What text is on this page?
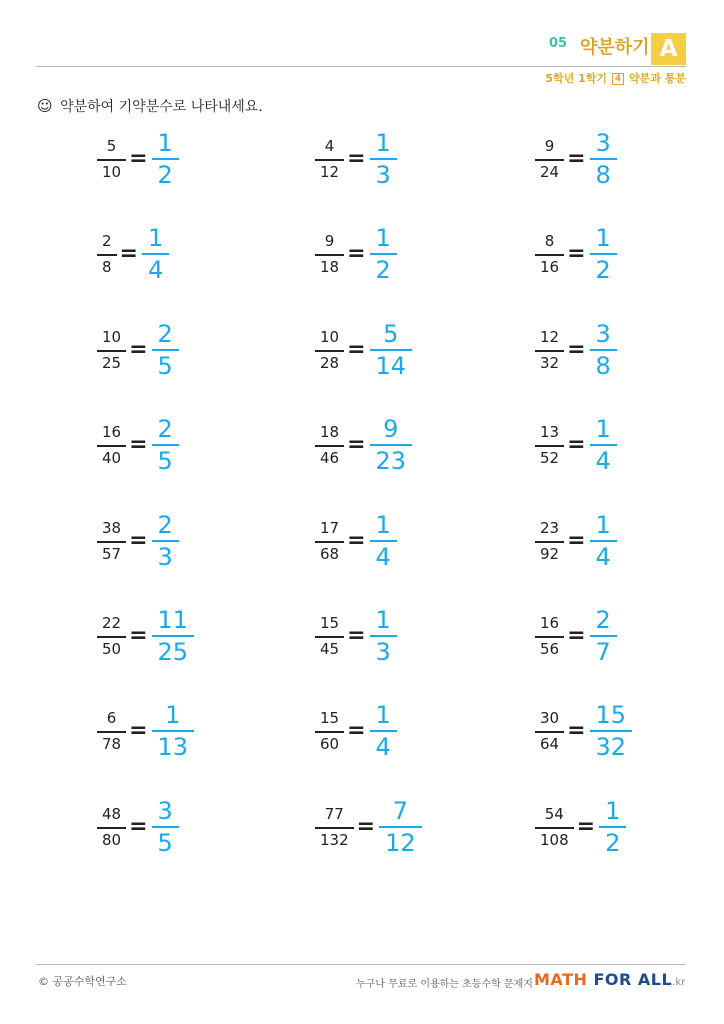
05 약분하기 A
5학년 1학기 4 약분과 통분
☺ 약분하여 기약분수로 나타내세요.
$\frac{5}{10} = \frac{1}{2}$	$\frac{4}{12} = \frac{1}{3}$	$\frac{9}{24} = \frac{3}{8}$
$\frac{2}{8} = \frac{1}{4}$	$\frac{9}{18} = \frac{1}{2}$	$\frac{8}{16} = \frac{1}{2}$
$\frac{10}{25} = \frac{2}{5}$	$\frac{10}{28} = \frac{5}{14}$	$\frac{12}{32} = \frac{3}{8}$
$\frac{16}{40} = \frac{2}{5}$	$\frac{18}{46} = \frac{9}{23}$	$\frac{13}{52} = \frac{1}{4}$
$\frac{38}{57} = \frac{2}{3}$	$\frac{17}{68} = \frac{1}{4}$	$\frac{23}{92} = \frac{1}{4}$
$\frac{22}{50} = \frac{11}{25}$	$\frac{15}{45} = \frac{1}{3}$	$\frac{16}{56} = \frac{2}{7}$
$\frac{6}{78} = \frac{1}{13}$	$\frac{15}{60} = \frac{1}{4}$	$\frac{30}{64} = \frac{15}{32}$
$\frac{48}{80} = \frac{3}{5}$	$\frac{77}{132} = \frac{7}{12}$	$\frac{54}{108} = \frac{1}{2}$
© 공공수학연구소	누구나 무료로 이용하는 초등수학 문제지 MATH FOR ALL.kr
